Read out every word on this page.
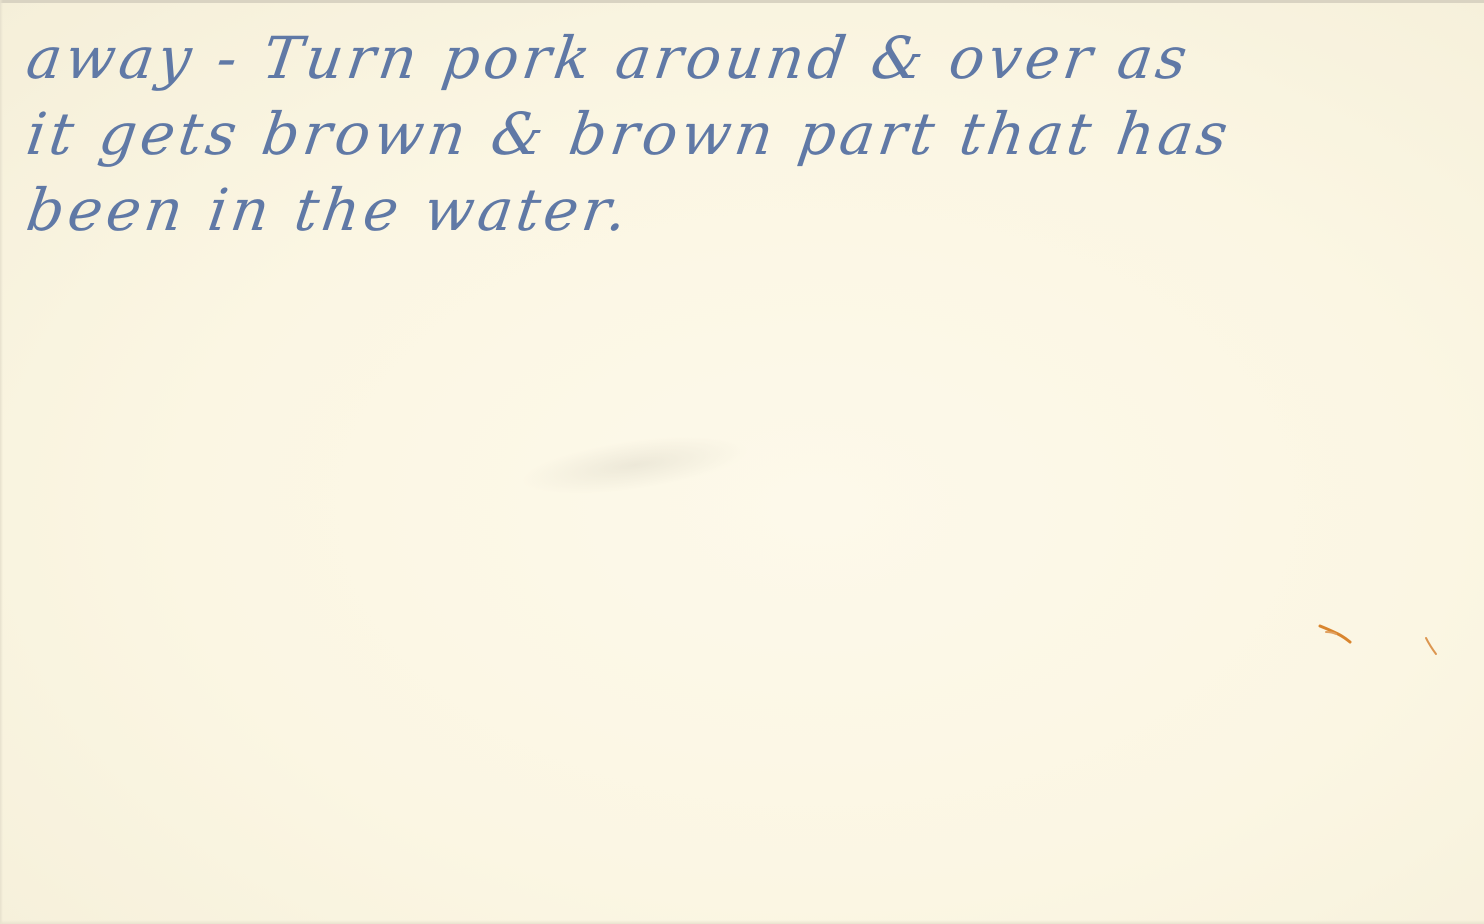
away - Turn pork around & over as
it gets brown & brown part that has
been in the water.
